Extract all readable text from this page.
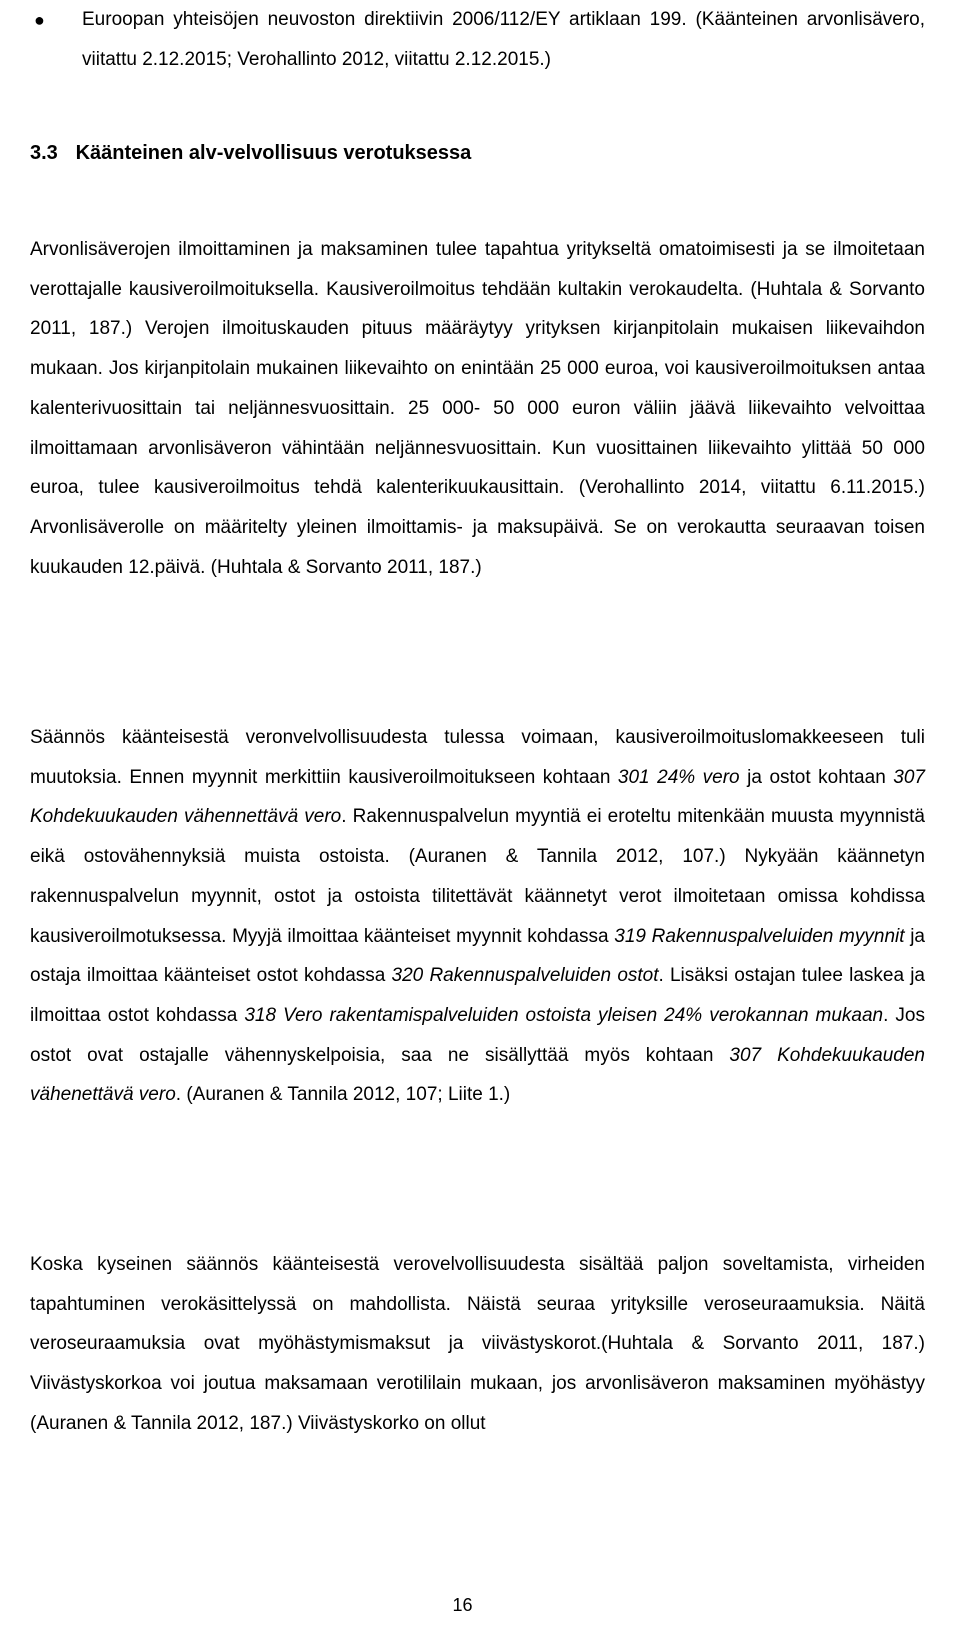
● Euroopan yhteisöjen neuvoston direktiivin 2006/112/EY artiklaan 199. (Käänteinen arvonlisävero, viitattu 2.12.2015; Verohallinto 2012, viitattu 2.12.2015.)
3.3 Käänteinen alv-velvollisuus verotuksessa
Arvonlisäverojen ilmoittaminen ja maksaminen tulee tapahtua yritykseltä omatoimisesti ja se ilmoitetaan verottajalle kausiveroilmoituksella. Kausiveroilmoitus tehdään kultakin verokaudelta. (Huhtala & Sorvanto 2011, 187.) Verojen ilmoituskauden pituus määräytyy yrityksen kirjanpitolain mukaisen liikevaihdon mukaan. Jos kirjanpitolain mukainen liikevaihto on enintään 25 000 euroa, voi kausiveroilmoituksen antaa kalenterivuosittain tai neljännesvuosittain. 25 000- 50 000 euron väliin jäävä liikevaihto velvoittaa ilmoittamaan arvonlisäveron vähintään neljännesvuosittain. Kun vuosittainen liikevaihto ylittää 50 000 euroa, tulee kausiveroilmoitus tehdä kalenterikuukausittain. (Verohallinto 2014, viitattu 6.11.2015.) Arvonlisäverolle on määritelty yleinen ilmoittamis- ja maksupäivä. Se on verokautta seuraavan toisen kuukauden 12.päivä. (Huhtala & Sorvanto 2011, 187.)
Säännös käänteisestä veronvelvollisuudesta tulessa voimaan, kausiveroilmoituslomakkeeseen tuli muutoksia. Ennen myynnit merkittiin kausiveroilmoitukseen kohtaan 301 24% vero ja ostot kohtaan 307 Kohdekuukauden vähennettävä vero. Rakennuspalvelun myyntiä ei eroteltu mitenkään muusta myynnistä eikä ostovähennyksiä muista ostoista. (Auranen & Tannila 2012, 107.) Nykyään käännetyn rakennuspalvelun myynnit, ostot ja ostoista tilitettävät käännetyt verot ilmoitetaan omissa kohdissa kausiveroilmotuksessa. Myyjä ilmoittaa käänteiset myynnit kohdassa 319 Rakennuspalveluiden myynnit ja ostaja ilmoittaa käänteiset ostot kohdassa 320 Rakennuspalveluiden ostot. Lisäksi ostajan tulee laskea ja ilmoittaa ostot kohdassa 318 Vero rakentamispalveluiden ostoista yleisen 24% verokannan mukaan. Jos ostot ovat ostajalle vähennyskelpoisia, saa ne sisällyttää myös kohtaan 307 Kohdekuukauden vähenettävä vero. (Auranen & Tannila 2012, 107; Liite 1.)
Koska kyseinen säännös käänteisestä verovelvollisuudesta sisältää paljon soveltamista, virheiden tapahtuminen verokäsittelyssä on mahdollista. Näistä seuraa yrityksille veroseuraamuksia. Näitä veroseuraamuksia ovat myöhästymismaksut ja viivästyskorot.(Huhtala & Sorvanto 2011, 187.) Viivästyskorkoa voi joutua maksamaan verotililain mukaan, jos arvonlisäveron maksaminen myöhästyy (Auranen & Tannila 2012, 187.) Viivästyskorko on ollut
16
